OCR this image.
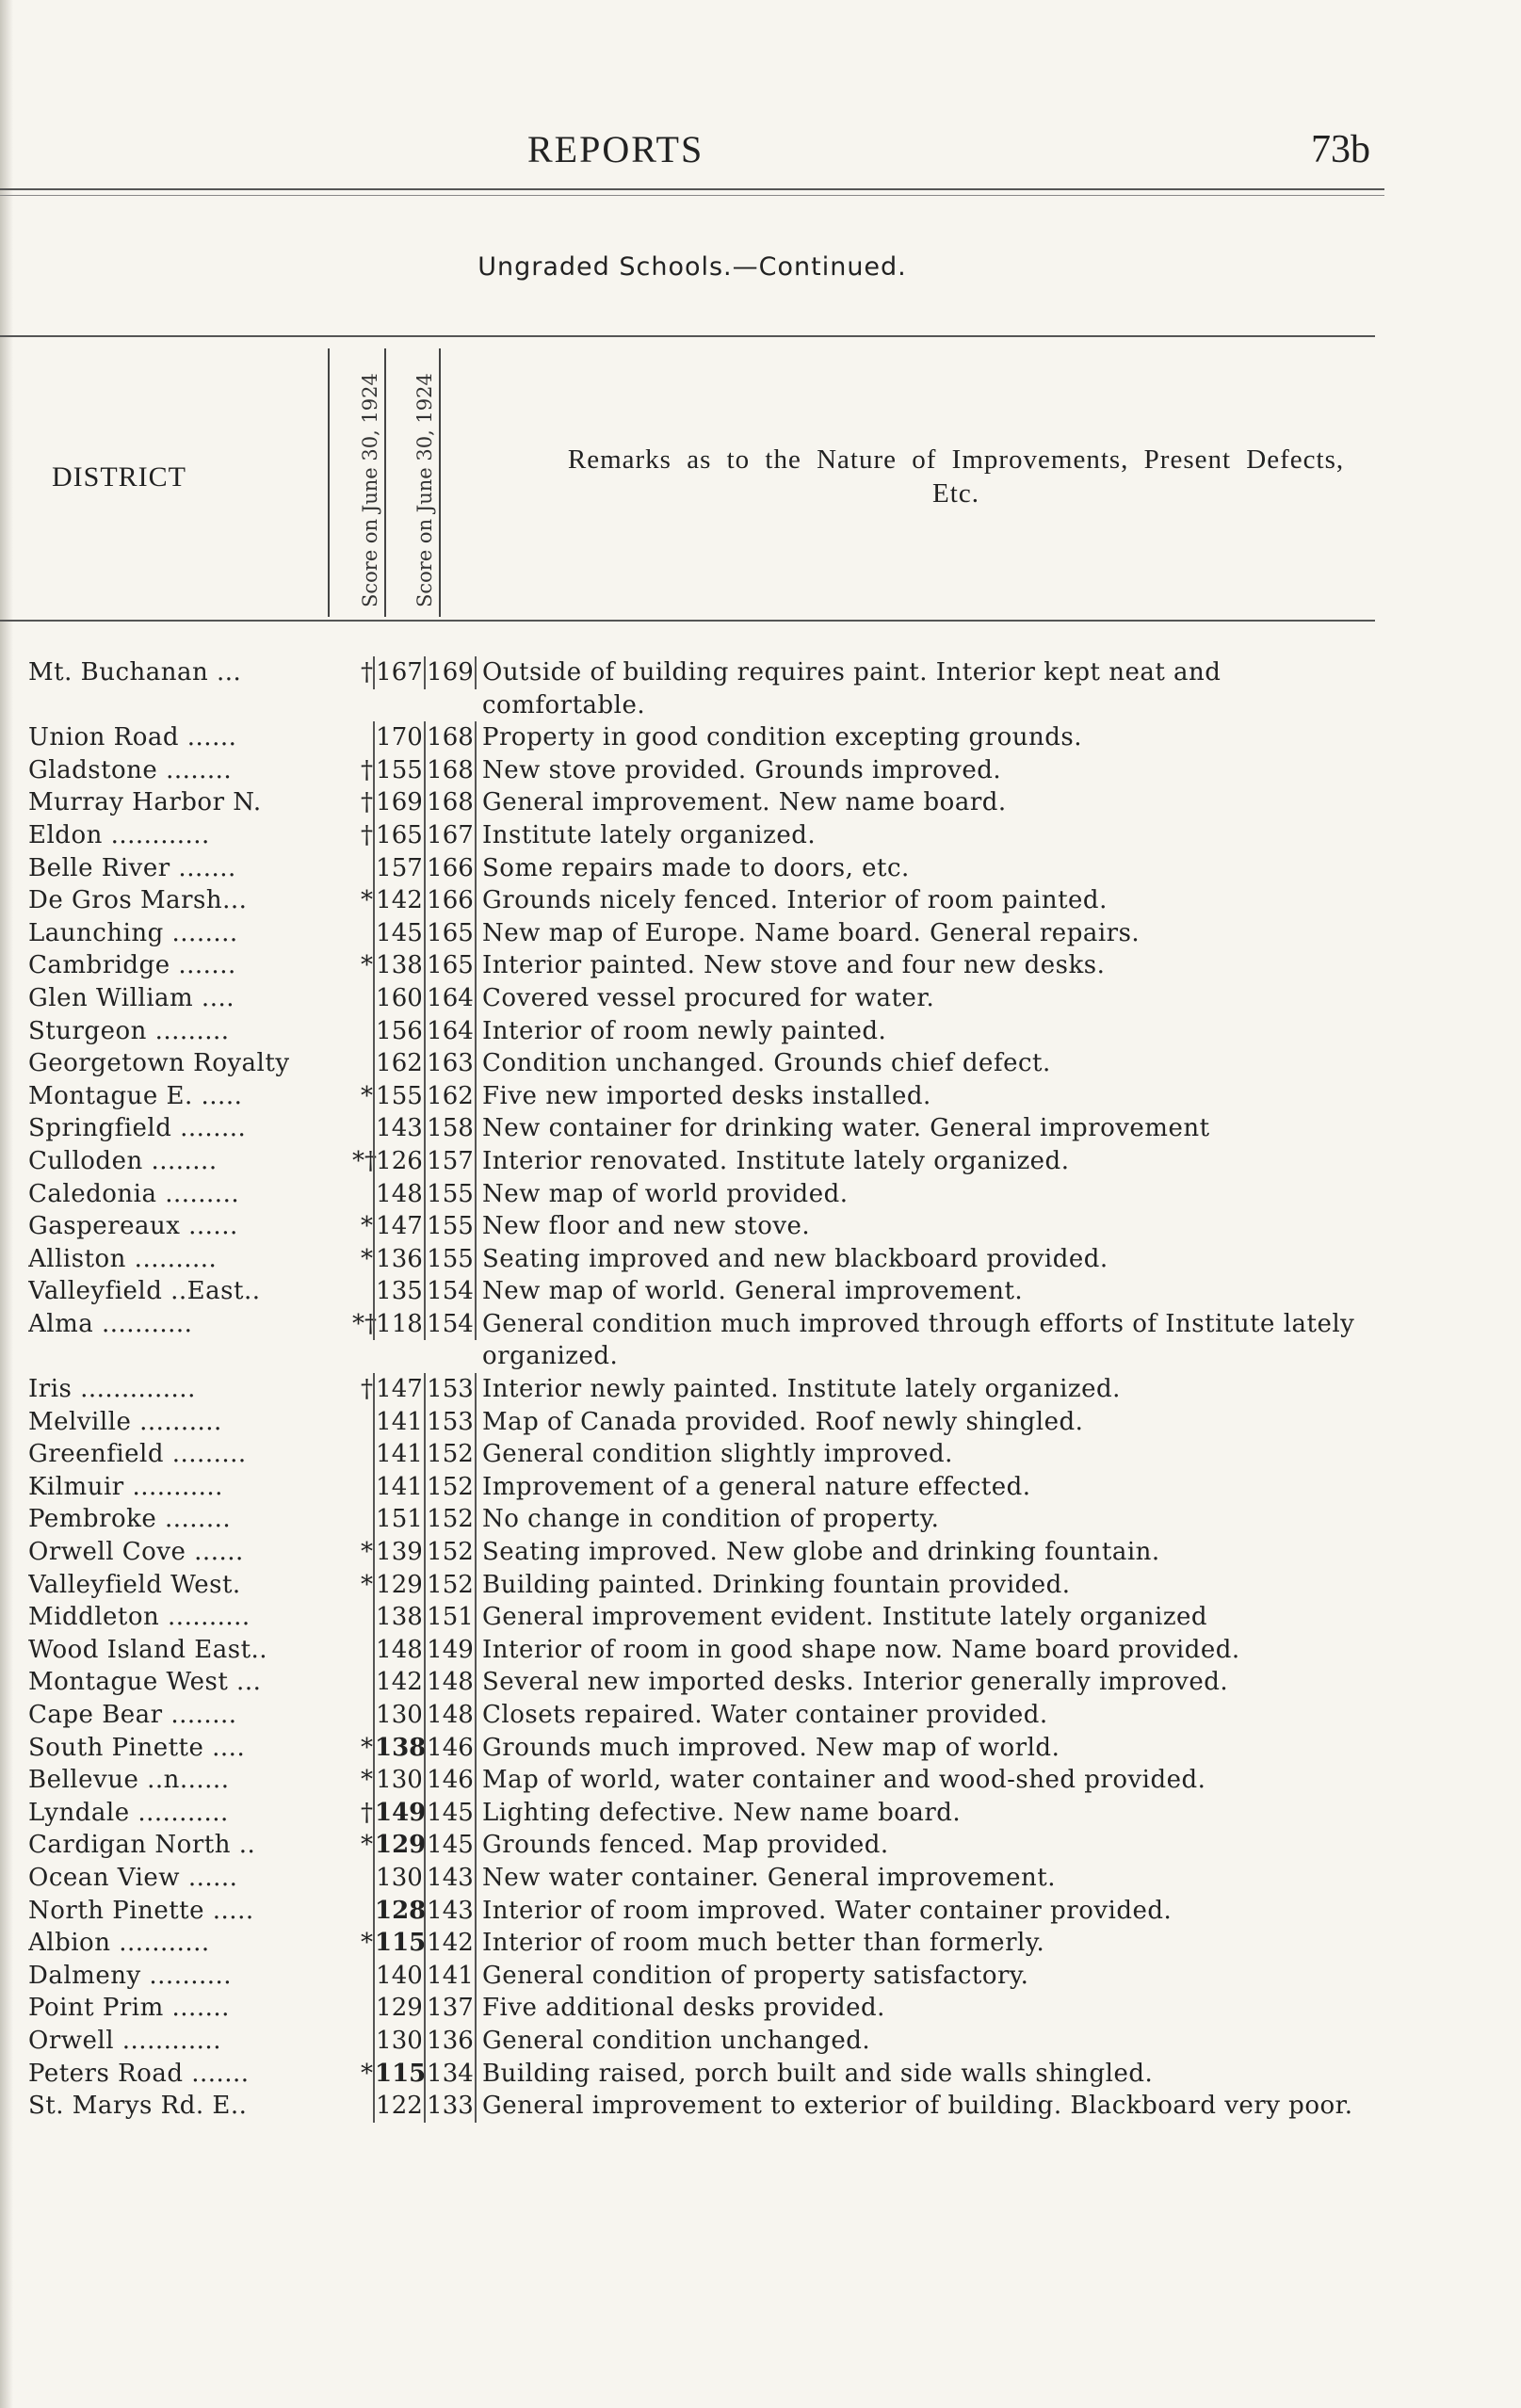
REPORTS	73b
Ungraded Schools.—Continued.
DISTRICT	Score on June 30, 1924 Score on June 30, 1924	Remarks as to the Nature of Improvements, Present Defects, Etc.
Mt. Buchanan ...	† 167 169 Outside of building requires paint. Interior kept neat and comfortable.
Union Road ......	170 168 Property in good condition excepting grounds.
Gladstone ........	† 155 168 New stove provided. Grounds improved.
Murray Harbor N.	† 169 168 General improvement. New name board.
Eldon ............	† 165 167 Institute lately organized.
Belle River .......	157 166 Some repairs made to doors, etc.
De Gros Marsh...	* 142 166 Grounds nicely fenced. Interior of room painted.
Launching ........	145 165 New map of Europe. Name board. General repairs.
Cambridge .......	* 138 165 Interior painted. New stove and four new desks.
Glen William ....	160 164 Covered vessel procured for water.
Sturgeon .........	156 164 Interior of room newly painted.
Georgetown Royalty	162 163 Condition unchanged. Grounds chief defect.
Montague E. .....	* 155 162 Five new imported desks installed.
Springfield ........	143 158 New container for drinking water. General improvement
Culloden ........	*† 126 157 Interior renovated. Institute lately organized.
Caledonia .........	148 155 New map of world provided.
Gaspereaux ......	* 147 155 New floor and new stove.
Alliston ..........	* 136 155 Seating improved and new blackboard provided.
Valleyfield ..East..	135 154 New map of world. General improvement.
Alma ...........	*† 118 154 General condition much improved through efforts of Institute lately organized.
Iris ..............	† 147 153 Interior newly painted. Institute lately organized.
Melville ..........	141 153 Map of Canada provided. Roof newly shingled.
Greenfield .........	141 152 General condition slightly improved.
Kilmuir ...........	141 152 Improvement of a general nature effected.
Pembroke ........	151 152 No change in condition of property.
Orwell Cove ......	* 139 152 Seating improved. New globe and drinking fountain.
Valleyfield West.	* 129 152 Building painted. Drinking fountain provided.
Middleton ..........	138 151 General improvement evident. Institute lately organized
Wood Island East..	148 149 Interior of room in good shape now. Name board provided.
Montague West ...	142 148 Several new imported desks. Interior generally improved.
Cape Bear ........	130 148 Closets repaired. Water container provided.
South Pinette ....	* 138 146 Grounds much improved. New map of world.
Bellevue ..n......	* 130 146 Map of world, water container and wood-shed provided.
Lyndale ...........	† 149 145 Lighting defective. New name board.
Cardigan North ..	* 129 145 Grounds fenced. Map provided.
Ocean View ......	130 143 New water container. General improvement.
North Pinette .....	128 143 Interior of room improved. Water container provided.
Albion ...........	* 115 142 Interior of room much better than formerly.
Dalmeny ..........	140 141 General condition of property satisfactory.
Point Prim .......	129 137 Five additional desks provided.
Orwell ............	130 136 General condition unchanged.
Peters Road .......	* 115 134 Building raised, porch built and side walls shingled.
St. Marys Rd. E..	122 133 General improvement to exterior of building. Blackboard very poor.
